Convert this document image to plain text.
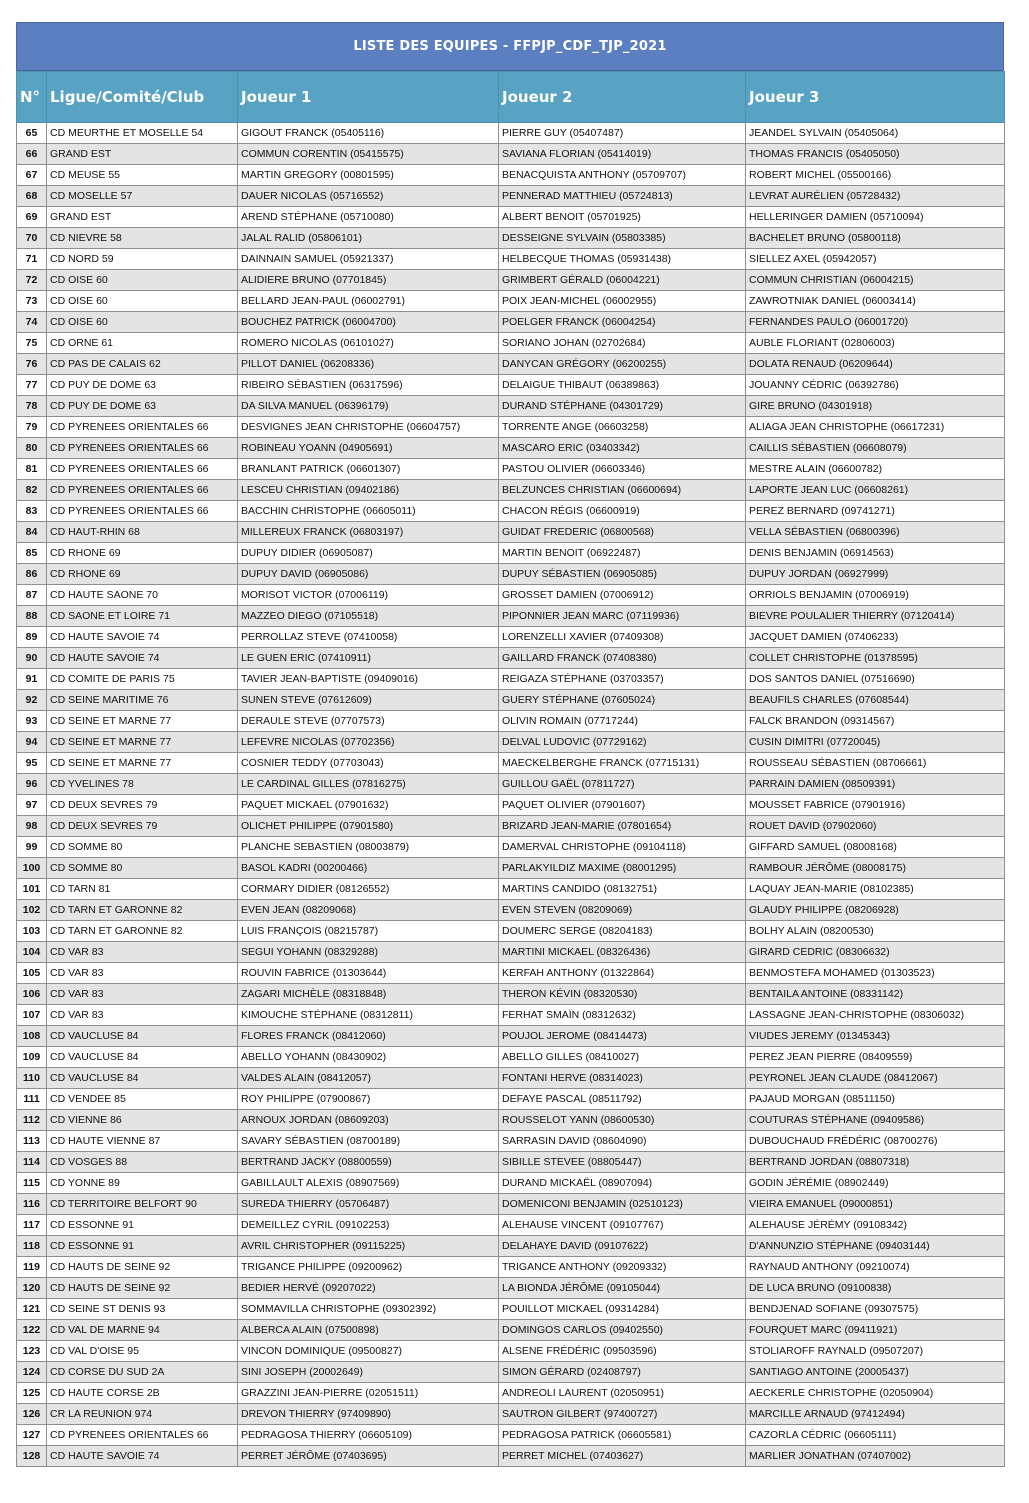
LISTE DES EQUIPES - FFPJP_CDF_TJP_2021
N°	Ligue/Comité/Club	Joueur 1	Joueur 2	Joueur 3
65	CD MEURTHE ET MOSELLE 54	GIGOUT FRANCK (05405116)	PIERRE GUY (05407487)	JEANDEL SYLVAIN (05405064)
66	GRAND EST	COMMUN CORENTIN (05415575)	SAVIANA FLORIAN (05414019)	THOMAS FRANCIS (05405050)
67	CD MEUSE 55	MARTIN GREGORY (00801595)	BENACQUISTA ANTHONY (05709707)	ROBERT MICHEL (05500166)
68	CD MOSELLE 57	DAUER NICOLAS (05716552)	PENNERAD MATTHIEU (05724813)	LEVRAT AURÉLIEN (05728432)
69	GRAND EST	AREND STÉPHANE (05710080)	ALBERT BENOIT (05701925)	HELLERINGER DAMIEN (05710094)
70	CD NIEVRE 58	JALAL RALID (05806101)	DESSEIGNE SYLVAIN (05803385)	BACHELET BRUNO (05800118)
71	CD NORD 59	DAINNAIN SAMUEL (05921337)	HELBECQUE THOMAS (05931438)	SIELLEZ AXEL (05942057)
72	CD OISE 60	ALIDIERE BRUNO (07701845)	GRIMBERT GÉRALD (06004221)	COMMUN CHRISTIAN (06004215)
73	CD OISE 60	BELLARD JEAN-PAUL (06002791)	POIX JEAN-MICHEL (06002955)	ZAWROTNIAK DANIEL (06003414)
74	CD OISE 60	BOUCHEZ PATRICK (06004700)	POELGER FRANCK (06004254)	FERNANDES PAULO (06001720)
75	CD ORNE 61	ROMERO NICOLAS (06101027)	SORIANO JOHAN (02702684)	AUBLE FLORIANT (02806003)
76	CD PAS DE CALAIS 62	PILLOT DANIEL (06208336)	DANYCAN GRÉGORY (06200255)	DOLATA RENAUD (06209644)
77	CD PUY DE DOME 63	RIBEIRO SÉBASTIEN (06317596)	DELAIGUE THIBAUT (06389863)	JOUANNY CÉDRIC (06392786)
78	CD PUY DE DOME 63	DA SILVA MANUEL (06396179)	DURAND STÉPHANE (04301729)	GIRE BRUNO (04301918)
79	CD PYRENEES ORIENTALES 66	DESVIGNES JEAN CHRISTOPHE (06604757)	TORRENTE ANGE (06603258)	ALIAGA JEAN CHRISTOPHE (06617231)
80	CD PYRENEES ORIENTALES 66	ROBINEAU YOANN (04905691)	MASCARO ERIC (03403342)	CAILLIS SÉBASTIEN (06608079)
81	CD PYRENEES ORIENTALES 66	BRANLANT PATRICK (06601307)	PASTOU OLIVIER (06603346)	MESTRE ALAIN (06600782)
82	CD PYRENEES ORIENTALES 66	LESCEU CHRISTIAN (09402186)	BELZUNCES CHRISTIAN (06600694)	LAPORTE JEAN LUC (06608261)
83	CD PYRENEES ORIENTALES 66	BACCHIN CHRISTOPHE (06605011)	CHACON RÉGIS (06600919)	PEREZ BERNARD (09741271)
84	CD HAUT-RHIN 68	MILLEREUX FRANCK (06803197)	GUIDAT FREDERIC (06800568)	VELLA SÉBASTIEN (06800396)
85	CD RHONE 69	DUPUY DIDIER (06905087)	MARTIN BENOIT (06922487)	DENIS BENJAMIN (06914563)
86	CD RHONE 69	DUPUY DAVID (06905086)	DUPUY SÉBASTIEN (06905085)	DUPUY JORDAN (06927999)
87	CD HAUTE SAONE 70	MORISOT VICTOR (07006119)	GROSSET DAMIEN (07006912)	ORRIOLS BENJAMIN (07006919)
88	CD SAONE ET LOIRE 71	MAZZEO DIEGO (07105518)	PIPONNIER JEAN MARC (07119936)	BIEVRE POULALIER THIERRY (07120414)
89	CD HAUTE SAVOIE 74	PERROLLAZ STEVE (07410058)	LORENZELLI XAVIER (07409308)	JACQUET DAMIEN (07406233)
90	CD HAUTE SAVOIE 74	LE GUEN ERIC (07410911)	GAILLARD FRANCK (07408380)	COLLET CHRISTOPHE (01378595)
91	CD COMITE DE PARIS 75	TAVIER JEAN-BAPTISTE (09409016)	REIGAZA STÉPHANE (03703357)	DOS SANTOS DANIEL (07516690)
92	CD SEINE MARITIME 76	SUNEN STEVE (07612609)	GUERY STÉPHANE (07605024)	BEAUFILS CHARLES (07608544)
93	CD SEINE ET MARNE 77	DERAULE STEVE (07707573)	OLIVIN ROMAIN (07717244)	FALCK BRANDON (09314567)
94	CD SEINE ET MARNE 77	LEFEVRE NICOLAS (07702356)	DELVAL LUDOVIC (07729162)	CUSIN DIMITRI (07720045)
95	CD SEINE ET MARNE 77	COSNIER TEDDY (07703043)	MAECKELBERGHE FRANCK (07715131)	ROUSSEAU SÉBASTIEN (08706661)
96	CD YVELINES 78	LE CARDINAL GILLES (07816275)	GUILLOU GAËL (07811727)	PARRAIN DAMIEN (08509391)
97	CD DEUX SEVRES 79	PAQUET MICKAEL (07901632)	PAQUET OLIVIER (07901607)	MOUSSET FABRICE (07901916)
98	CD DEUX SEVRES 79	OLICHET PHILIPPE (07901580)	BRIZARD JEAN-MARIE (07801654)	ROUET DAVID (07902060)
99	CD SOMME 80	PLANCHE SEBASTIEN (08003879)	DAMERVAL CHRISTOPHE (09104118)	GIFFARD SAMUEL (08008168)
100	CD SOMME 80	BASOL KADRI (00200466)	PARLAKYILDIZ MAXIME (08001295)	RAMBOUR JÉRÔME (08008175)
101	CD TARN 81	CORMARY DIDIER (08126552)	MARTINS CANDIDO (08132751)	LAQUAY JEAN-MARIE (08102385)
102	CD TARN ET GARONNE 82	EVEN JEAN (08209068)	EVEN STEVEN (08209069)	GLAUDY PHILIPPE (08206928)
103	CD TARN ET GARONNE 82	LUIS FRANÇOIS (08215787)	DOUMERC SERGE (08204183)	BOLHY ALAIN (08200530)
104	CD VAR 83	SEGUI YOHANN (08329288)	MARTINI MICKAEL (08326436)	GIRARD CEDRIC (08306632)
105	CD VAR 83	ROUVIN FABRICE (01303644)	KERFAH ANTHONY (01322864)	BENMOSTEFA MOHAMED (01303523)
106	CD VAR 83	ZAGARI MICHÈLE (08318848)	THERON KÉVIN (08320530)	BENTAILA ANTOINE (08331142)
107	CD VAR 83	KIMOUCHE STÉPHANE (08312811)	FERHAT SMAÏN (08312632)	LASSAGNE JEAN-CHRISTOPHE (08306032)
108	CD VAUCLUSE 84	FLORES FRANCK (08412060)	POUJOL JEROME (08414473)	VIUDES JEREMY (01345343)
109	CD VAUCLUSE 84	ABELLO YOHANN (08430902)	ABELLO GILLES (08410027)	PEREZ JEAN PIERRE (08409559)
110	CD VAUCLUSE 84	VALDES ALAIN (08412057)	FONTANI HERVE (08314023)	PEYRONEL JEAN CLAUDE (08412067)
111	CD VENDEE 85	ROY PHILIPPE (07900867)	DEFAYE PASCAL (08511792)	PAJAUD MORGAN (08511150)
112	CD VIENNE 86	ARNOUX JORDAN (08609203)	ROUSSELOT YANN (08600530)	COUTURAS STÉPHANE (09409586)
113	CD HAUTE VIENNE 87	SAVARY SÉBASTIEN (08700189)	SARRASIN DAVID (08604090)	DUBOUCHAUD FRÉDÉRIC (08700276)
114	CD VOSGES 88	BERTRAND JACKY (08800559)	SIBILLE STEVEE (08805447)	BERTRAND JORDAN (08807318)
115	CD YONNE 89	GABILLAULT ALEXIS (08907569)	DURAND MICKAËL (08907094)	GODIN JÉRÉMIE (08902449)
116	CD TERRITOIRE BELFORT 90	SUREDA THIERRY (05706487)	DOMENICONI BENJAMIN (02510123)	VIEIRA EMANUEL (09000851)
117	CD ESSONNE 91	DEMEILLEZ CYRIL (09102253)	ALEHAUSE VINCENT (09107767)	ALEHAUSE JÉRÉMY (09108342)
118	CD ESSONNE 91	AVRIL CHRISTOPHER (09115225)	DELAHAYE DAVID (09107622)	D'ANNUNZIO STÉPHANE (09403144)
119	CD HAUTS DE SEINE 92	TRIGANCE PHILIPPE (09200962)	TRIGANCE ANTHONY (09209332)	RAYNAUD ANTHONY (09210074)
120	CD HAUTS DE SEINE 92	BEDIER HERVÉ (09207022)	LA BIONDA JÉRÔME (09105044)	DE LUCA BRUNO (09100838)
121	CD SEINE ST DENIS 93	SOMMAVILLA CHRISTOPHE (09302392)	POUILLOT MICKAEL (09314284)	BENDJENAD SOFIANE (09307575)
122	CD VAL DE MARNE 94	ALBERCA ALAIN (07500898)	DOMINGOS CARLOS (09402550)	FOURQUET MARC (09411921)
123	CD VAL D'OISE 95	VINCON DOMINIQUE (09500827)	ALSENE FRÉDÉRIC (09503596)	STOLIAROFF RAYNALD (09507207)
124	CD CORSE DU SUD 2A	SINI JOSEPH (20002649)	SIMON GÉRARD (02408797)	SANTIAGO ANTOINE (20005437)
125	CD HAUTE CORSE 2B	GRAZZINI JEAN-PIERRE (02051511)	ANDREOLI LAURENT (02050951)	AECKERLE CHRISTOPHE (02050904)
126	CR LA REUNION 974	DREVON THIERRY (97409890)	SAUTRON GILBERT (97400727)	MARCILLE ARNAUD (97412494)
127	CD PYRENEES ORIENTALES 66	PEDRAGOSA THIERRY (06605109)	PEDRAGOSA PATRICK (06605581)	CAZORLA CÉDRIC (06605111)
128	CD HAUTE SAVOIE 74	PERRET JÉRÔME (07403695)	PERRET MICHEL (07403627)	MARLIER JONATHAN (07407002)
